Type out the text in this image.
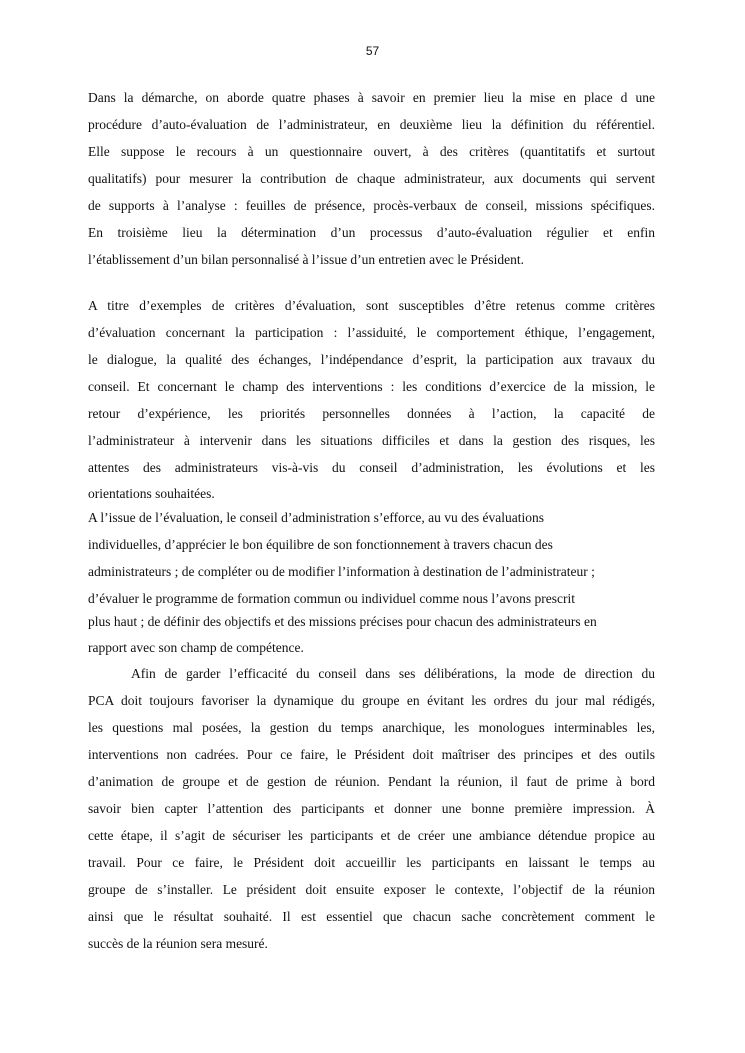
57
Dans la démarche, on aborde quatre phases à savoir en premier lieu la mise en place d une
procédure d’auto-évaluation de l’administrateur, en deuxième lieu la définition du référentiel.
Elle suppose le recours à un questionnaire ouvert, à des critères (quantitatifs et surtout
qualitatifs) pour mesurer la contribution de chaque administrateur, aux documents qui servent
de supports à l’analyse : feuilles de présence, procès-verbaux de conseil, missions spécifiques.
En troisième lieu la détermination d’un processus d’auto-évaluation régulier et enfin
l’établissement d’un bilan personnalisé à l’issue d’un entretien avec le Président.
A titre d’exemples de critères d’évaluation, sont susceptibles d’être retenus comme critères
d’évaluation concernant la participation : l’assiduité, le comportement éthique, l’engagement,
le dialogue, la qualité des échanges, l’indépendance d’esprit, la participation aux travaux du
conseil. Et concernant le champ des interventions : les conditions d’exercice de la mission, le
retour d’expérience, les priorités personnelles données à l’action, la capacité de
l’administrateur à intervenir dans les situations difficiles et dans la gestion des risques, les
attentes des administrateurs vis-à-vis du conseil d’administration, les évolutions et les
orientations souhaitées.
A l’issue de l’évaluation, le conseil d’administration s’efforce, au vu des évaluations
individuelles, d’apprécier le bon équilibre de son fonctionnement à travers chacun des
administrateurs ; de compléter ou de modifier l’information à destination de l’administrateur ;
d’évaluer le programme de formation commun ou individuel comme nous l’avons prescrit
plus haut ; de définir des objectifs et des missions précises pour chacun des administrateurs en
rapport avec son champ de compétence.
Afin de garder l’efficacité du conseil dans ses délibérations, la mode de direction du
PCA doit toujours favoriser la dynamique du groupe en évitant les ordres du jour mal rédigés,
les questions mal posées, la gestion du temps anarchique, les monologues interminables les,
interventions non cadrées. Pour ce faire, le Président doit maîtriser des principes et des outils
d’animation de groupe et de gestion de réunion. Pendant la réunion, il faut de prime à bord
savoir bien capter l’attention des participants et donner une bonne première impression. À
cette étape, il s’agit de sécuriser les participants et de créer une ambiance détendue propice au
travail. Pour ce faire, le Président doit accueillir les participants en laissant le temps au
groupe de s’installer. Le président doit ensuite exposer le contexte, l’objectif de la réunion
ainsi que le résultat souhaité. Il est essentiel que chacun sache concrètement comment le
succès de la réunion sera mesuré.
